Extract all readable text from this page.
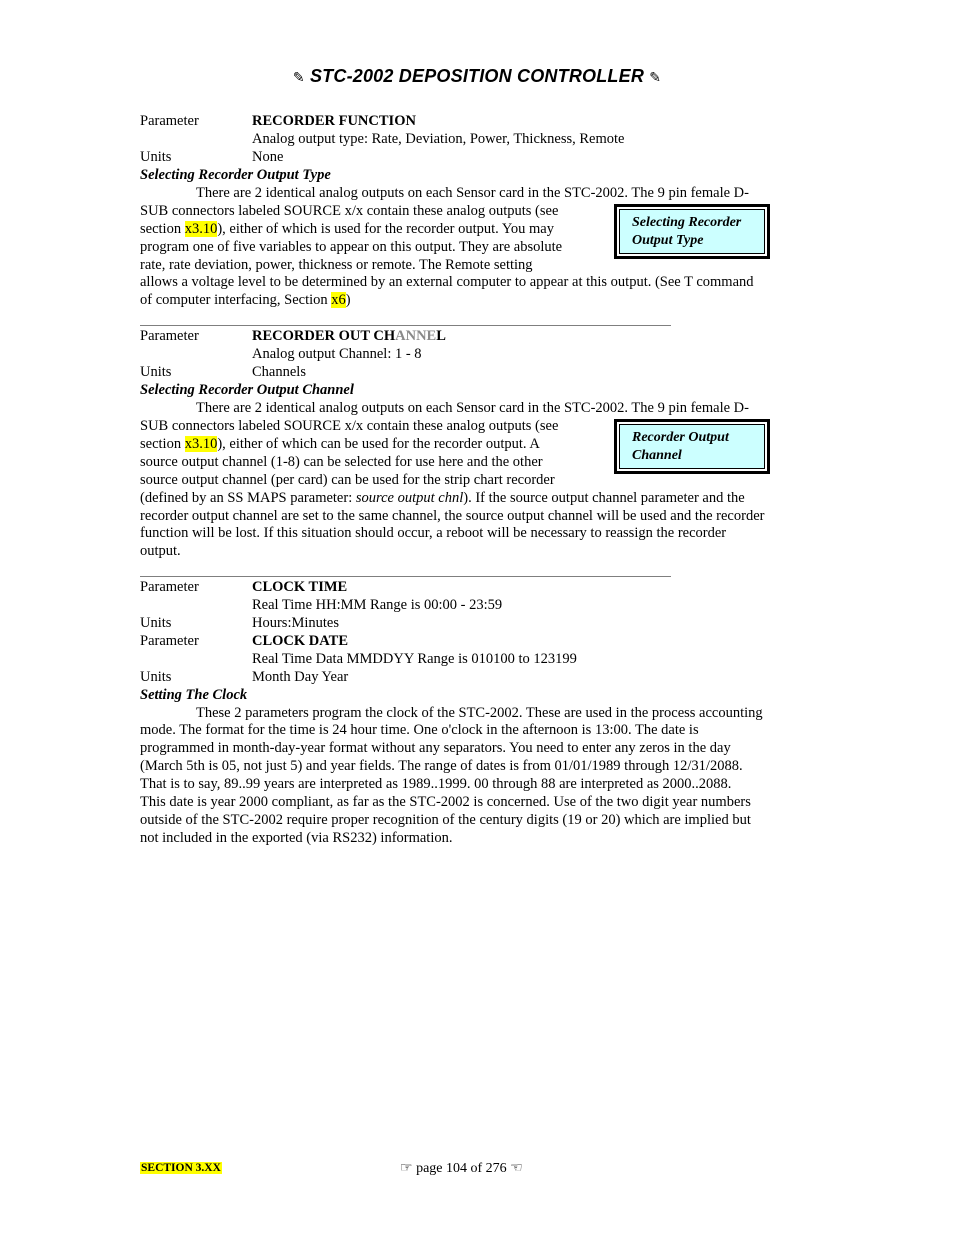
✎ STC-2002 DEPOSITION CONTROLLER ✎
Parameter	RECORDER FUNCTION
Analog output type: Rate, Deviation, Power, Thickness, Remote
Units	None
Selecting Recorder Output Type
There are 2 identical analog outputs on each Sensor card in the STC-2002. The 9 pin female D-
SUB connectors labeled SOURCE x/x contain these analog outputs (see
section x3.10), either of which is used for the recorder output. You may
program one of five variables to appear on this output. They are absolute
rate, rate deviation, power, thickness or remote. The Remote setting
allows a voltage level to be determined by an external computer to appear at this output. (See T command
of computer interfacing, Section x6)
Selecting Recorder Output Type
Parameter	RECORDER OUT CHANNEL
Analog output Channel: 1 - 8
Units	Channels
Selecting Recorder Output Channel
There are 2 identical analog outputs on each Sensor card in the STC-2002. The 9 pin female D-
SUB connectors labeled SOURCE x/x contain these analog outputs (see
section x3.10), either of which can be used for the recorder output. A
source output channel (1-8) can be selected for use here and the other
source output channel (per card) can be used for the strip chart recorder
(defined by an SS MAPS parameter: source output chnl). If the source output channel parameter and the
recorder output channel are set to the same channel, the source output channel will be used and the recorder
function will be lost. If this situation should occur, a reboot will be necessary to reassign the recorder
output.
Recorder Output Channel
Parameter	CLOCK TIME
Real Time HH:MM Range is 00:00 - 23:59
Units	Hours:Minutes
Parameter	CLOCK DATE
Real Time Data MMDDYY Range is 010100 to 123199
Units	Month Day Year
Setting The Clock
These 2 parameters program the clock of the STC-2002. These are used in the process accounting
mode. The format for the time is 24 hour time. One o'clock in the afternoon is 13:00. The date is
programmed in month-day-year format without any separators. You need to enter any zeros in the day
(March 5th is 05, not just 5) and year fields. The range of dates is from 01/01/1989 through 12/31/2088.
That is to say, 89..99 years are interpreted as 1989..1999. 00 through 88 are interpreted as 2000..2088.
This date is year 2000 compliant, as far as the STC-2002 is concerned. Use of the two digit year numbers
outside of the STC-2002 require proper recognition of the century digits (19 or 20) which are implied but
not included in the exported (via RS232) information.
SECTION 3.XX	☞ page 104 of 276 ☜
